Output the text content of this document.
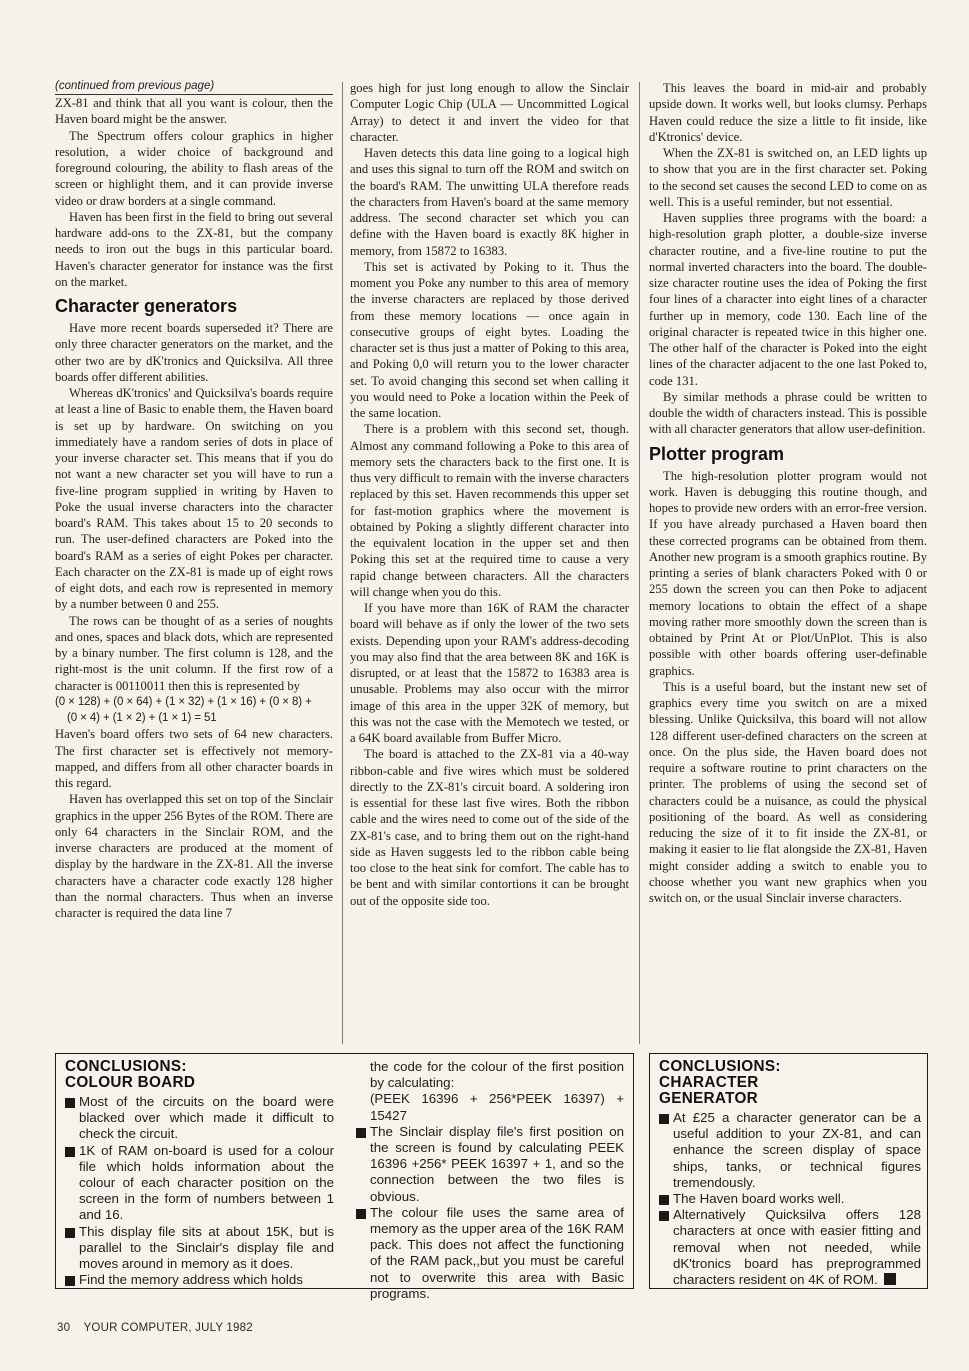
(continued from previous page)

ZX-81 and think that all you want is colour, then the Haven board might be the answer.

The Spectrum offers colour graphics in higher resolution, a wider choice of background and foreground colouring, the ability to flash areas of the screen or highlight them, and it can provide inverse video or draw borders at a single command.

Haven has been first in the field to bring out several hardware add-ons to the ZX-81, but the company needs to iron out the bugs in this particular board. Haven's character generator for instance was the first on the market.

Character generators

Have more recent boards superseded it? There are only three character generators on the market, and the other two are by dK'tronics and Quicksilva. All three boards offer different abilities.

Whereas dK'tronics' and Quicksilva's boards require at least a line of Basic to enable them, the Haven board is set up by hardware. On switching on you immediately have a random series of dots in place of your inverse character set. This means that if you do not want a new character set you will have to run a five-line program supplied in writing by Haven to Poke the usual inverse characters into the character board's RAM. This takes about 15 to 20 seconds to run. The user-defined characters are Poked into the board's RAM as a series of eight Pokes per character. Each character on the ZX-81 is made up of eight rows of eight dots, and each row is represented in memory by a number between 0 and 255.

The rows can be thought of as a series of noughts and ones, spaces and black dots, which are represented by a binary number. The first column is 128, and the right-most is the unit column. If the first row of a character is 00110011 then this is represented by

(0 × 128) + (0 × 64) + (1 × 32) + (1 × 16) + (0 × 8) +

(0 × 4) + (1 × 2) + (1 × 1) = 51

Haven's board offers two sets of 64 new characters. The first character set is effectively not memory-mapped, and differs from all other character boards in this regard.

Haven has overlapped this set on top of the Sinclair graphics in the upper 256 Bytes of the ROM. There are only 64 characters in the Sinclair ROM, and the inverse characters are produced at the moment of display by the hardware in the ZX-81. All the inverse characters have a character code exactly 128 higher than the normal characters. Thus when an inverse character is required the data line 7

goes high for just long enough to allow the Sinclair Computer Logic Chip (ULA — Uncommitted Logical Array) to detect it and invert the video for that character.

Haven detects this data line going to a logical high and uses this signal to turn off the ROM and switch on the board's RAM. The unwitting ULA therefore reads the characters from Haven's board at the same memory address. The second character set which you can define with the Haven board is exactly 8K higher in memory, from 15872 to 16383.

This set is activated by Poking to it. Thus the moment you Poke any number to this area of memory the inverse characters are replaced by those derived from these memory locations — once again in consecutive groups of eight bytes. Loading the character set is thus just a matter of Poking to this area, and Poking 0,0 will return you to the lower character set. To avoid changing this second set when calling it you would need to Poke a location within the Peek of the same location.

There is a problem with this second set, though. Almost any command following a Poke to this area of memory sets the characters back to the first one. It is thus very difficult to remain with the inverse characters replaced by this set. Haven recommends this upper set for fast-motion graphics where the movement is obtained by Poking a slightly different character into the equivalent location in the upper set and then Poking this set at the required time to cause a very rapid change between characters. All the characters will change when you do this.

If you have more than 16K of RAM the character board will behave as if only the lower of the two sets exists. Depending upon your RAM's address-decoding you may also find that the area between 8K and 16K is disrupted, or at least that the 15872 to 16383 area is unusable. Problems may also occur with the mirror image of this area in the upper 32K of memory, but this was not the case with the Memotech we tested, or a 64K board available from Buffer Micro.

The board is attached to the ZX-81 via a 40-way ribbon-cable and five wires which must be soldered directly to the ZX-81's circuit board. A soldering iron is essential for these last five wires. Both the ribbon cable and the wires need to come out of the side of the ZX-81's case, and to bring them out on the right-hand side as Haven suggests led to the ribbon cable being too close to the heat sink for comfort. The cable has to be bent and with similar contortions it can be brought out of the opposite side too.

This leaves the board in mid-air and probably upside down. It works well, but looks clumsy. Perhaps Haven could reduce the size a little to fit inside, like d'Ktronics' device.

When the ZX-81 is switched on, an LED lights up to show that you are in the first character set. Poking to the second set causes the second LED to come on as well. This is a useful reminder, but not essential.

Haven supplies three programs with the board: a high-resolution graph plotter, a double-size inverse character routine, and a five-line routine to put the normal inverted characters into the board. The double-size character routine uses the idea of Poking the first four lines of a character into eight lines of a character further up in memory, code 130. Each line of the original character is repeated twice in this higher one. The other half of the character is Poked into the eight lines of the character adjacent to the one last Poked to, code 131.

By similar methods a phrase could be written to double the width of characters instead. This is possible with all character generators that allow user-definition.

Plotter program

The high-resolution plotter program would not work. Haven is debugging this routine though, and hopes to provide new orders with an error-free version. If you have already purchased a Haven board then these corrected programs can be obtained from them. Another new program is a smooth graphics routine. By printing a series of blank characters Poked with 0 or 255 down the screen you can then Poke to adjacent memory locations to obtain the effect of a shape moving rather more smoothly down the screen than is obtained by Print At or Plot/UnPlot. This is also possible with other boards offering user-definable graphics.

This is a useful board, but the instant new set of graphics every time you switch on are a mixed blessing. Unlike Quicksilva, this board will not allow 128 different user-defined characters on the screen at once. On the plus side, the Haven board does not require a software routine to print characters on the printer. The problems of using the second set of characters could be a nuisance, as could the physical positioning of the board. As well as considering reducing the size of it to fit inside the ZX-81, or making it easier to lie flat alongside the ZX-81, Haven might consider adding a switch to enable you to choose whether you want new graphics when you switch on, or the usual Sinclair inverse characters.

CONCLUSIONS:
COLOUR BOARD

Most of the circuits on the board were blacked over which made it difficult to check the circuit.

1K of RAM on-board is used for a colour file which holds information about the colour of each character position on the screen in the form of numbers between 1 and 16.

This display file sits at about 15K, but is parallel to the Sinclair's display file and moves around in memory as it does.

Find the memory address which holds

the code for the colour of the first position by calculating:

(PEEK 16396 + 256*PEEK 16397) + 15427

The Sinclair display file's first position on the screen is found by calculating PEEK 16396 +256* PEEK 16397 + 1, and so the connection between the two files is obvious.

The colour file uses the same area of memory as the upper area of the 16K RAM pack. This does not affect the functioning of the RAM pack,,but you must be careful not to overwrite this area with Basic programs.

CONCLUSIONS:
CHARACTER
GENERATOR

At £25 a character generator can be a useful addition to your ZX-81, and can enhance the screen display of space ships, tanks, or technical figures tremendously.

The Haven board works well.

Alternatively Quicksilva offers 128 characters at once with easier fitting and removal when not needed, while dK'tronics board has preprogrammed characters resident on 4K of ROM.

30    YOUR COMPUTER, JULY 1982
